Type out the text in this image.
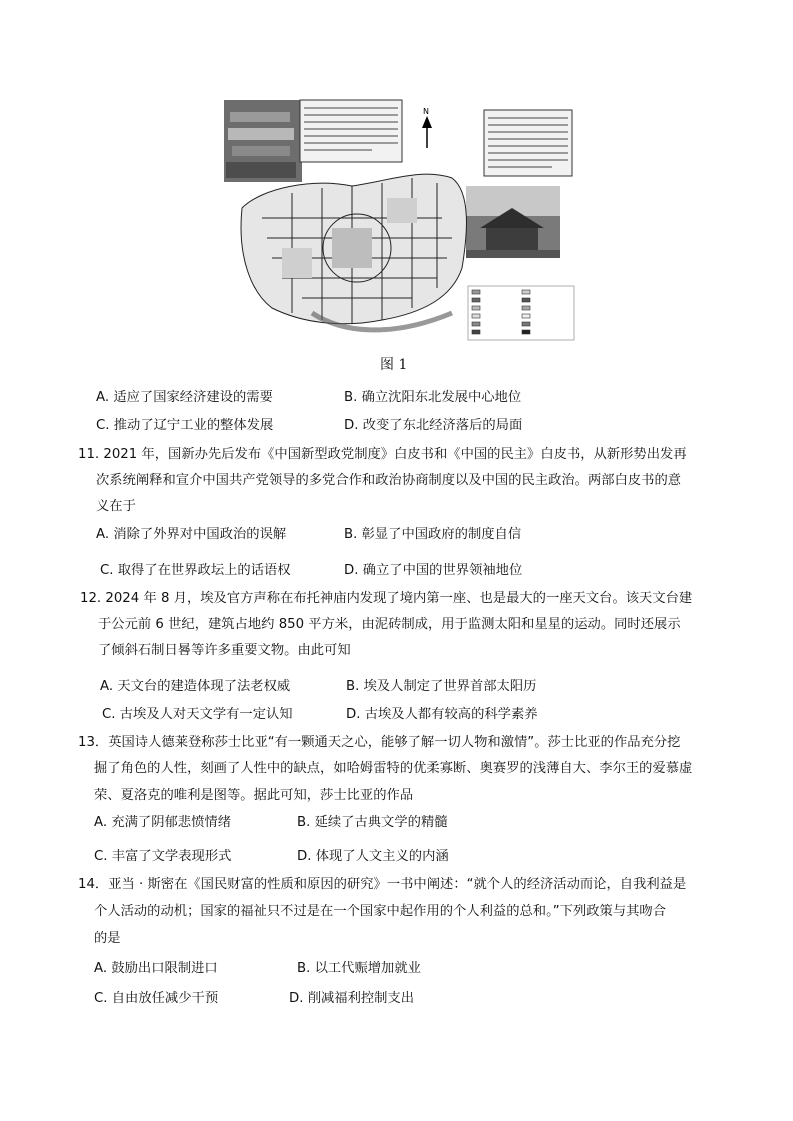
N
图 1
A. 适应了国家经济建设的需要	B. 确立沈阳东北发展中心地位
C. 推动了辽宁工业的整体发展	D. 改变了东北经济落后的局面
11. 2021 年，国新办先后发布《中国新型政党制度》白皮书和《中国的民主》白皮书，从新形势出发再
次系统阐释和宣介中国共产党领导的多党合作和政治协商制度以及中国的民主政治。两部白皮书的意
义在于
A. 消除了外界对中国政治的误解	B. 彰显了中国政府的制度自信
C. 取得了在世界政坛上的话语权	D. 确立了中国的世界领袖地位
12. 2024 年 8 月，埃及官方声称在布托神庙内发现了境内第一座、也是最大的一座天文台。该天文台建
于公元前 6 世纪，建筑占地约 850 平方米，由泥砖制成，用于监测太阳和星星的运动。同时还展示
了倾斜石制日晷等许多重要文物。由此可知
A. 天文台的建造体现了法老权威	B. 埃及人制定了世界首部太阳历
C. 古埃及人对天文学有一定认知	D. 古埃及人都有较高的科学素养
13．英国诗人德莱登称莎士比亚“有一颗通天之心，能够了解一切人物和激情”。莎士比亚的作品充分挖
掘了角色的人性，刻画了人性中的缺点，如哈姆雷特的优柔寡断、奥赛罗的浅薄自大、李尔王的爱慕虚
荣、夏洛克的唯利是图等。据此可知，莎士比亚的作品
A. 充满了阴郁悲愤情绪	B. 延续了古典文学的精髓
C. 丰富了文学表现形式	D. 体现了人文主义的内涵
14．亚当 · 斯密在《国民财富的性质和原因的研究》一书中阐述：“就个人的经济活动而论，自我利益是
个人活动的动机；国家的福祉只不过是在一个国家中起作用的个人利益的总和。”下列政策与其吻合
的是
A. 鼓励出口限制进口	B. 以工代赈增加就业
C. 自由放任减少干预	D. 削减福利控制支出
